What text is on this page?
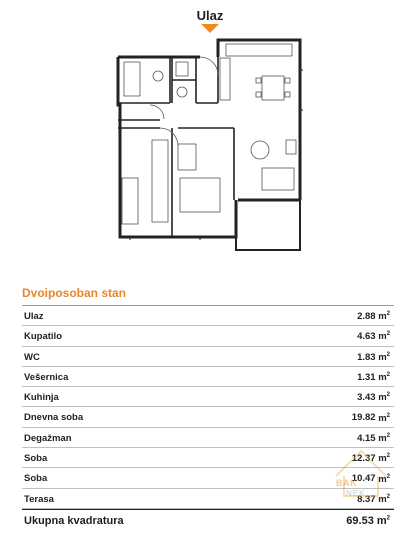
Ulaz
Dvoiposoban stan
Ulaz	2.88 $m^2$
Kupatilo	4.63 $m^2$
WC	1.83 $m^2$
Vešernica	1.31 $m^2$
Kuhinja	3.43 $m^2$
Dnevna soba	19.82 $m^2$
Degažman	4.15 $m^2$
Soba	12.37 $m^2$
Soba	10.47 $m^2$
Terasa	8.37 $m^2$
Ukupna kvadratura	69.53 $m^2$
BAK
NEK
